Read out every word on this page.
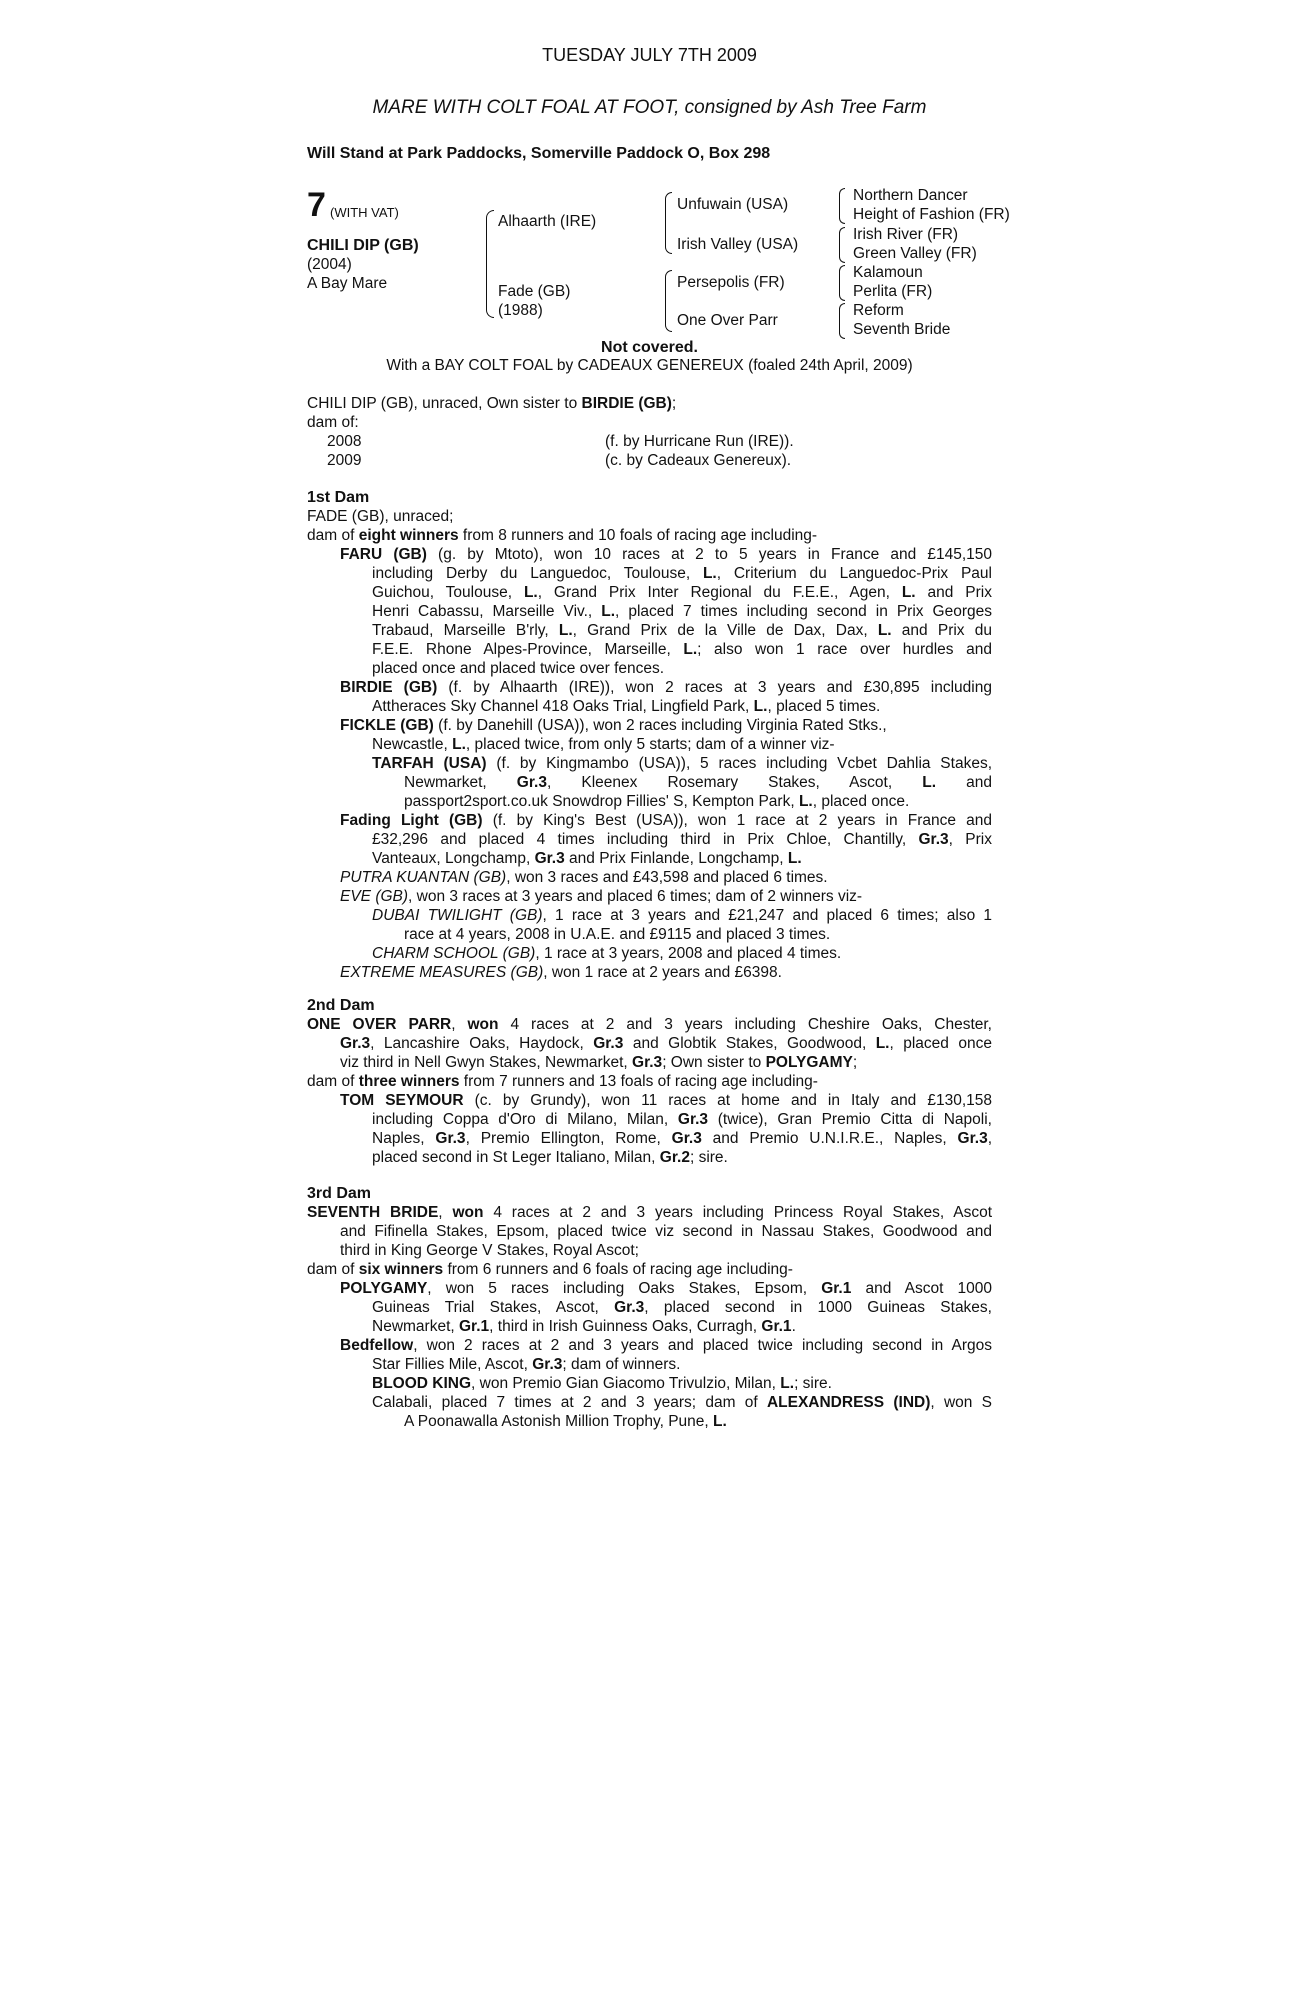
TUESDAY JULY 7TH 2009
MARE WITH COLT FOAL AT FOOT, consigned by Ash Tree Farm
Will Stand at Park Paddocks, Somerville Paddock O, Box 298
7 (WITH VAT)
CHILI DIP (GB)
(2004)
A Bay Mare
Alhaarth (IRE)
Fade (GB)
(1988)
Unfuwain (USA)
Irish Valley (USA)
Persepolis (FR)
One Over Parr
Northern Dancer
Height of Fashion (FR)
Irish River (FR)
Green Valley (FR)
Kalamoun
Perlita (FR)
Reform
Seventh Bride
Not covered.
With a BAY COLT FOAL by CADEAUX GENEREUX (foaled 24th April, 2009)
CHILI DIP (GB), unraced, Own sister to BIRDIE (GB);
dam of:
2008	(f. by Hurricane Run (IRE)).
2009	(c. by Cadeaux Genereux).
1st Dam
FADE (GB), unraced;
dam of eight winners from 8 runners and 10 foals of racing age including-
FARU (GB) (g. by Mtoto), won 10 races at 2 to 5 years in France and £145,150
including Derby du Languedoc, Toulouse, L., Criterium du Languedoc-Prix Paul
Guichou, Toulouse, L., Grand Prix Inter Regional du F.E.E., Agen, L. and Prix
Henri Cabassu, Marseille Viv., L., placed 7 times including second in Prix Georges
Trabaud, Marseille B'rly, L., Grand Prix de la Ville de Dax, Dax, L. and Prix du
F.E.E. Rhone Alpes-Province, Marseille, L.; also won 1 race over hurdles and
placed once and placed twice over fences.
BIRDIE (GB) (f. by Alhaarth (IRE)), won 2 races at 3 years and £30,895 including
Attheraces Sky Channel 418 Oaks Trial, Lingfield Park, L., placed 5 times.
FICKLE (GB) (f. by Danehill (USA)), won 2 races including Virginia Rated Stks.,
Newcastle, L., placed twice, from only 5 starts; dam of a winner viz-
TARFAH (USA) (f. by Kingmambo (USA)), 5 races including Vcbet Dahlia Stakes,
Newmarket, Gr.3, Kleenex Rosemary Stakes, Ascot, L. and
passport2sport.co.uk Snowdrop Fillies' S, Kempton Park, L., placed once.
Fading Light (GB) (f. by King's Best (USA)), won 1 race at 2 years in France and
£32,296 and placed 4 times including third in Prix Chloe, Chantilly, Gr.3, Prix
Vanteaux, Longchamp, Gr.3 and Prix Finlande, Longchamp, L.
PUTRA KUANTAN (GB), won 3 races and £43,598 and placed 6 times.
EVE (GB), won 3 races at 3 years and placed 6 times; dam of 2 winners viz-
DUBAI TWILIGHT (GB), 1 race at 3 years and £21,247 and placed 6 times; also 1
race at 4 years, 2008 in U.A.E. and £9115 and placed 3 times.
CHARM SCHOOL (GB), 1 race at 3 years, 2008 and placed 4 times.
EXTREME MEASURES (GB), won 1 race at 2 years and £6398.
2nd Dam
ONE OVER PARR, won 4 races at 2 and 3 years including Cheshire Oaks, Chester,
Gr.3, Lancashire Oaks, Haydock, Gr.3 and Globtik Stakes, Goodwood, L., placed once
viz third in Nell Gwyn Stakes, Newmarket, Gr.3; Own sister to POLYGAMY;
dam of three winners from 7 runners and 13 foals of racing age including-
TOM SEYMOUR (c. by Grundy), won 11 races at home and in Italy and £130,158
including Coppa d'Oro di Milano, Milan, Gr.3 (twice), Gran Premio Citta di Napoli,
Naples, Gr.3, Premio Ellington, Rome, Gr.3 and Premio U.N.I.R.E., Naples, Gr.3,
placed second in St Leger Italiano, Milan, Gr.2; sire.
3rd Dam
SEVENTH BRIDE, won 4 races at 2 and 3 years including Princess Royal Stakes, Ascot
and Fifinella Stakes, Epsom, placed twice viz second in Nassau Stakes, Goodwood and
third in King George V Stakes, Royal Ascot;
dam of six winners from 6 runners and 6 foals of racing age including-
POLYGAMY, won 5 races including Oaks Stakes, Epsom, Gr.1 and Ascot 1000
Guineas Trial Stakes, Ascot, Gr.3, placed second in 1000 Guineas Stakes,
Newmarket, Gr.1, third in Irish Guinness Oaks, Curragh, Gr.1.
Bedfellow, won 2 races at 2 and 3 years and placed twice including second in Argos
Star Fillies Mile, Ascot, Gr.3; dam of winners.
BLOOD KING, won Premio Gian Giacomo Trivulzio, Milan, L.; sire.
Calabali, placed 7 times at 2 and 3 years; dam of ALEXANDRESS (IND), won S
A Poonawalla Astonish Million Trophy, Pune, L.
